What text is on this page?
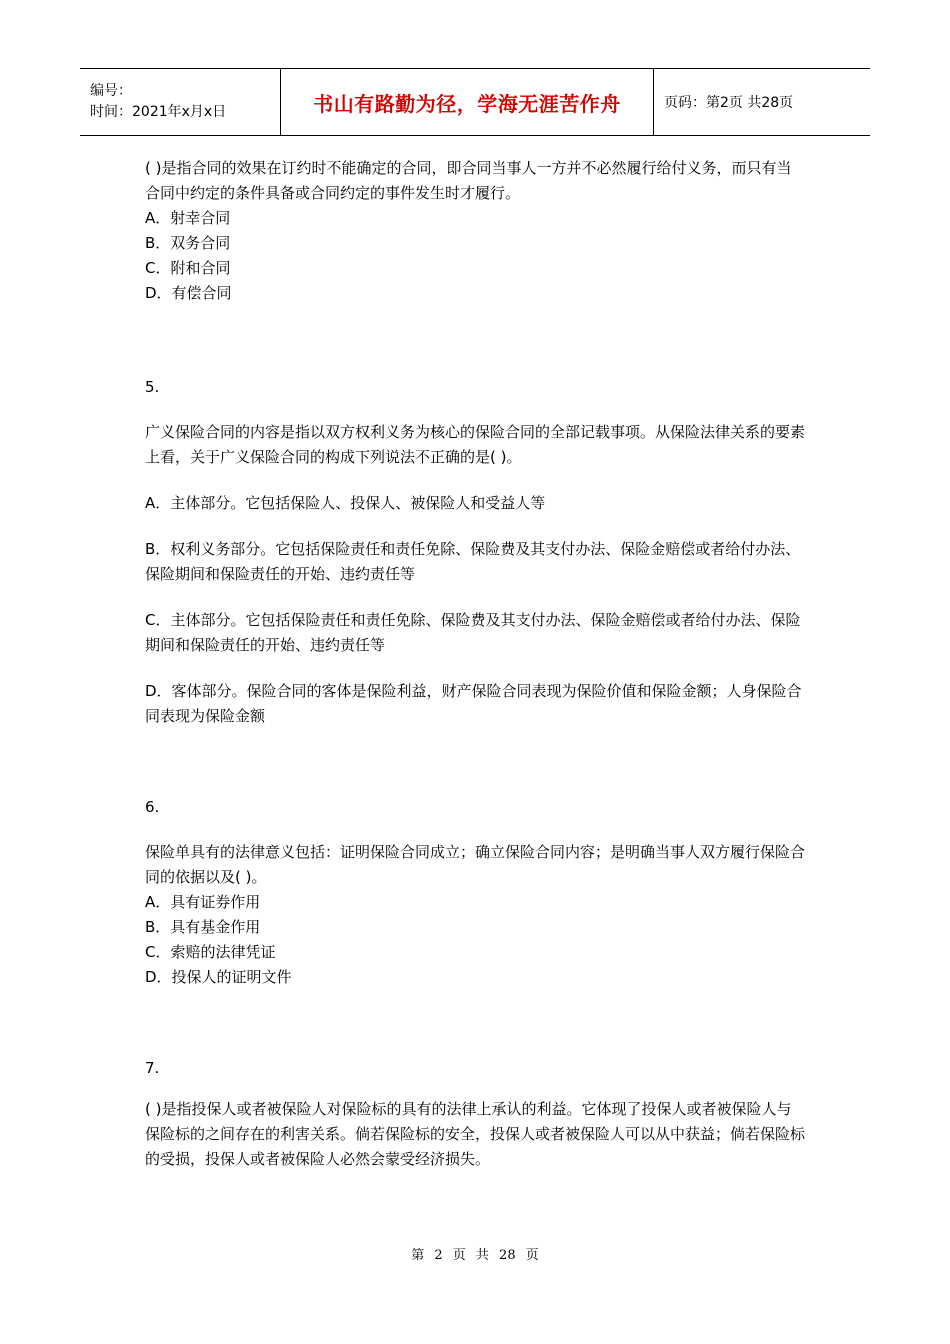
编号：
时间：2021年x月x日	书山有路勤为径，学海无涯苦作舟	页码：第2页 共28页

( )是指合同的效果在订约时不能确定的合同，即合同当事人一方并不必然履行给付义务，而只有当合同中约定的条件具备或合同约定的事件发生时才履行。

A．射幸合同

B．双务合同

C．附和合同

D．有偿合同

5.

广义保险合同的内容是指以双方权利义务为核心的保险合同的全部记载事项。从保险法律关系的要素上看，关于广义保险合同的构成下列说法不正确的是( )。

A．主体部分。它包括保险人、投保人、被保险人和受益人等

B．权利义务部分。它包括保险责任和责任免除、保险费及其支付办法、保险金赔偿或者给付办法、保险期间和保险责任的开始、违约责任等

C．主体部分。它包括保险责任和责任免除、保险费及其支付办法、保险金赔偿或者给付办法、保险期间和保险责任的开始、违约责任等

D．客体部分。保险合同的客体是保险利益，财产保险合同表现为保险价值和保险金额；人身保险合同表现为保险金额

6.

保险单具有的法律意义包括：证明保险合同成立；确立保险合同内容；是明确当事人双方履行保险合同的依据以及( )。

A．具有证券作用

B．具有基金作用

C．索赔的法律凭证

D．投保人的证明文件

7.

( )是指投保人或者被保险人对保险标的具有的法律上承认的利益。它体现了投保人或者被保险人与保险标的之间存在的利害关系。倘若保险标的安全，投保人或者被保险人可以从中获益；倘若保险标的受损，投保人或者被保险人必然会蒙受经济损失。

第 2 页 共 28 页
